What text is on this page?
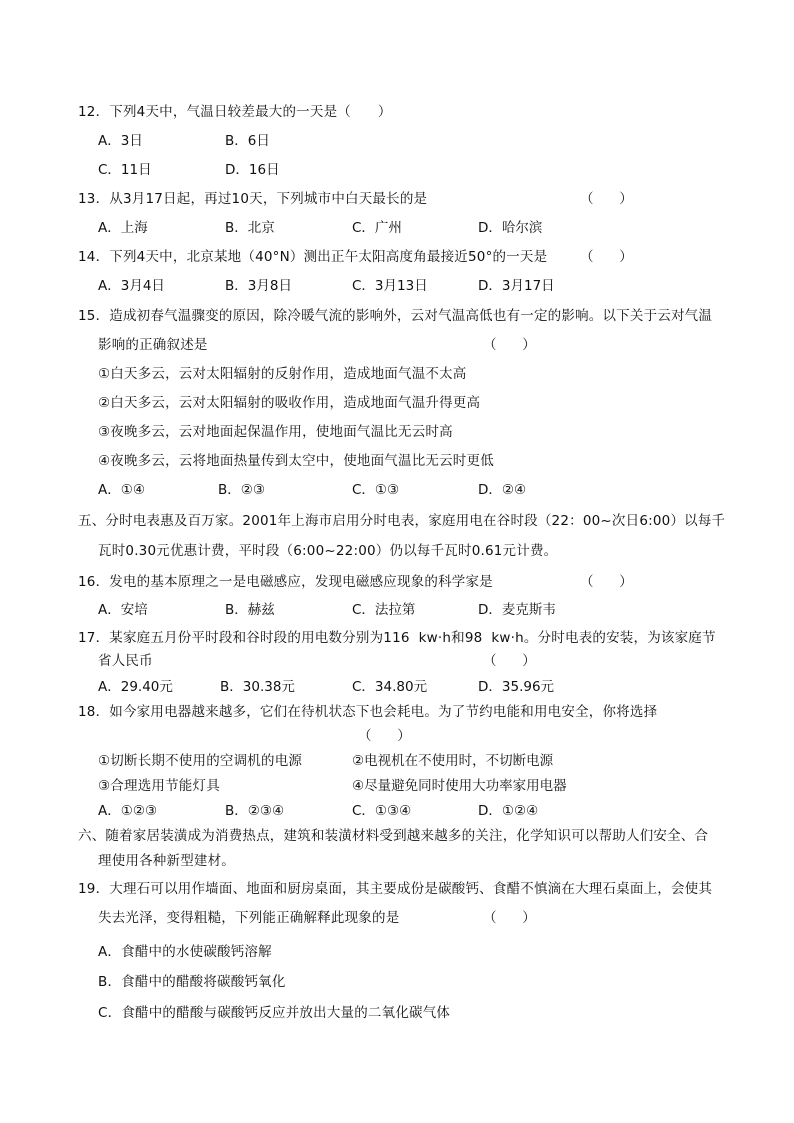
12．下列4天中，气温日较差最大的一天是（      ）
A．3日	B．6日
C．11日	D．16日
13．从3月17日起，再过10天，下列城市中白天最长的是	（      ）
A．上海	B．北京	C．广州	D．哈尔滨
14．下列4天中，北京某地（40°N）测出正午太阳高度角最接近50°的一天是 （      ）
A．3月4日	B．3月8日	C．3月13日	D．3月17日
15．造成初春气温骤变的原因，除冷暖气流的影响外，云对气温高低也有一定的影响。以下关于云对气温
影响的正确叙述是	（      ）
①白天多云，云对太阳辐射的反射作用，造成地面气温不太高
②白天多云，云对太阳辐射的吸收作用，造成地面气温升得更高
③夜晚多云，云对地面起保温作用，使地面气温比无云时高
④夜晚多云，云将地面热量传到太空中，使地面气温比无云时更低
A．①④	B．②③	C．①③	D．②④
五、分时电表惠及百万家。2001年上海市启用分时电表，家庭用电在谷时段（22：00~次日6:00）以每千
瓦时0.30元优惠计费，平时段（6:00~22:00）仍以每千瓦时0.61元计费。
16．发电的基本原理之一是电磁感应，发现电磁感应现象的科学家是	（      ）
A．安培	B．赫兹	C．法拉第	D．麦克斯韦
17．某家庭五月份平时段和谷时段的用电数分别为116  kw·h和98  kw·h。分时电表的安装，为该家庭节
省人民币	（      ）
A．29.40元	B．30.38元	C．34.80元	D．35.96元
18．如今家用电器越来越多，它们在待机状态下也会耗电。为了节约电能和用电安全，你将选择
（      ）
①切断长期不使用的空调机的电源	②电视机在不使用时，不切断电源
③合理选用节能灯具	④尽量避免同时使用大功率家用电器
A．①②③	B．②③④	C．①③④	D．①②④
六、随着家居装潢成为消费热点，建筑和装潢材料受到越来越多的关注，化学知识可以帮助人们安全、合
理使用各种新型建材。
19．大理石可以用作墙面、地面和厨房桌面，其主要成份是碳酸钙、食醋不慎滴在大理石桌面上，会使其
失去光泽，变得粗糙，下列能正确解释此现象的是	（      ）
A．食醋中的水使碳酸钙溶解
B．食醋中的醋酸将碳酸钙氧化
C．食醋中的醋酸与碳酸钙反应并放出大量的二氧化碳气体
